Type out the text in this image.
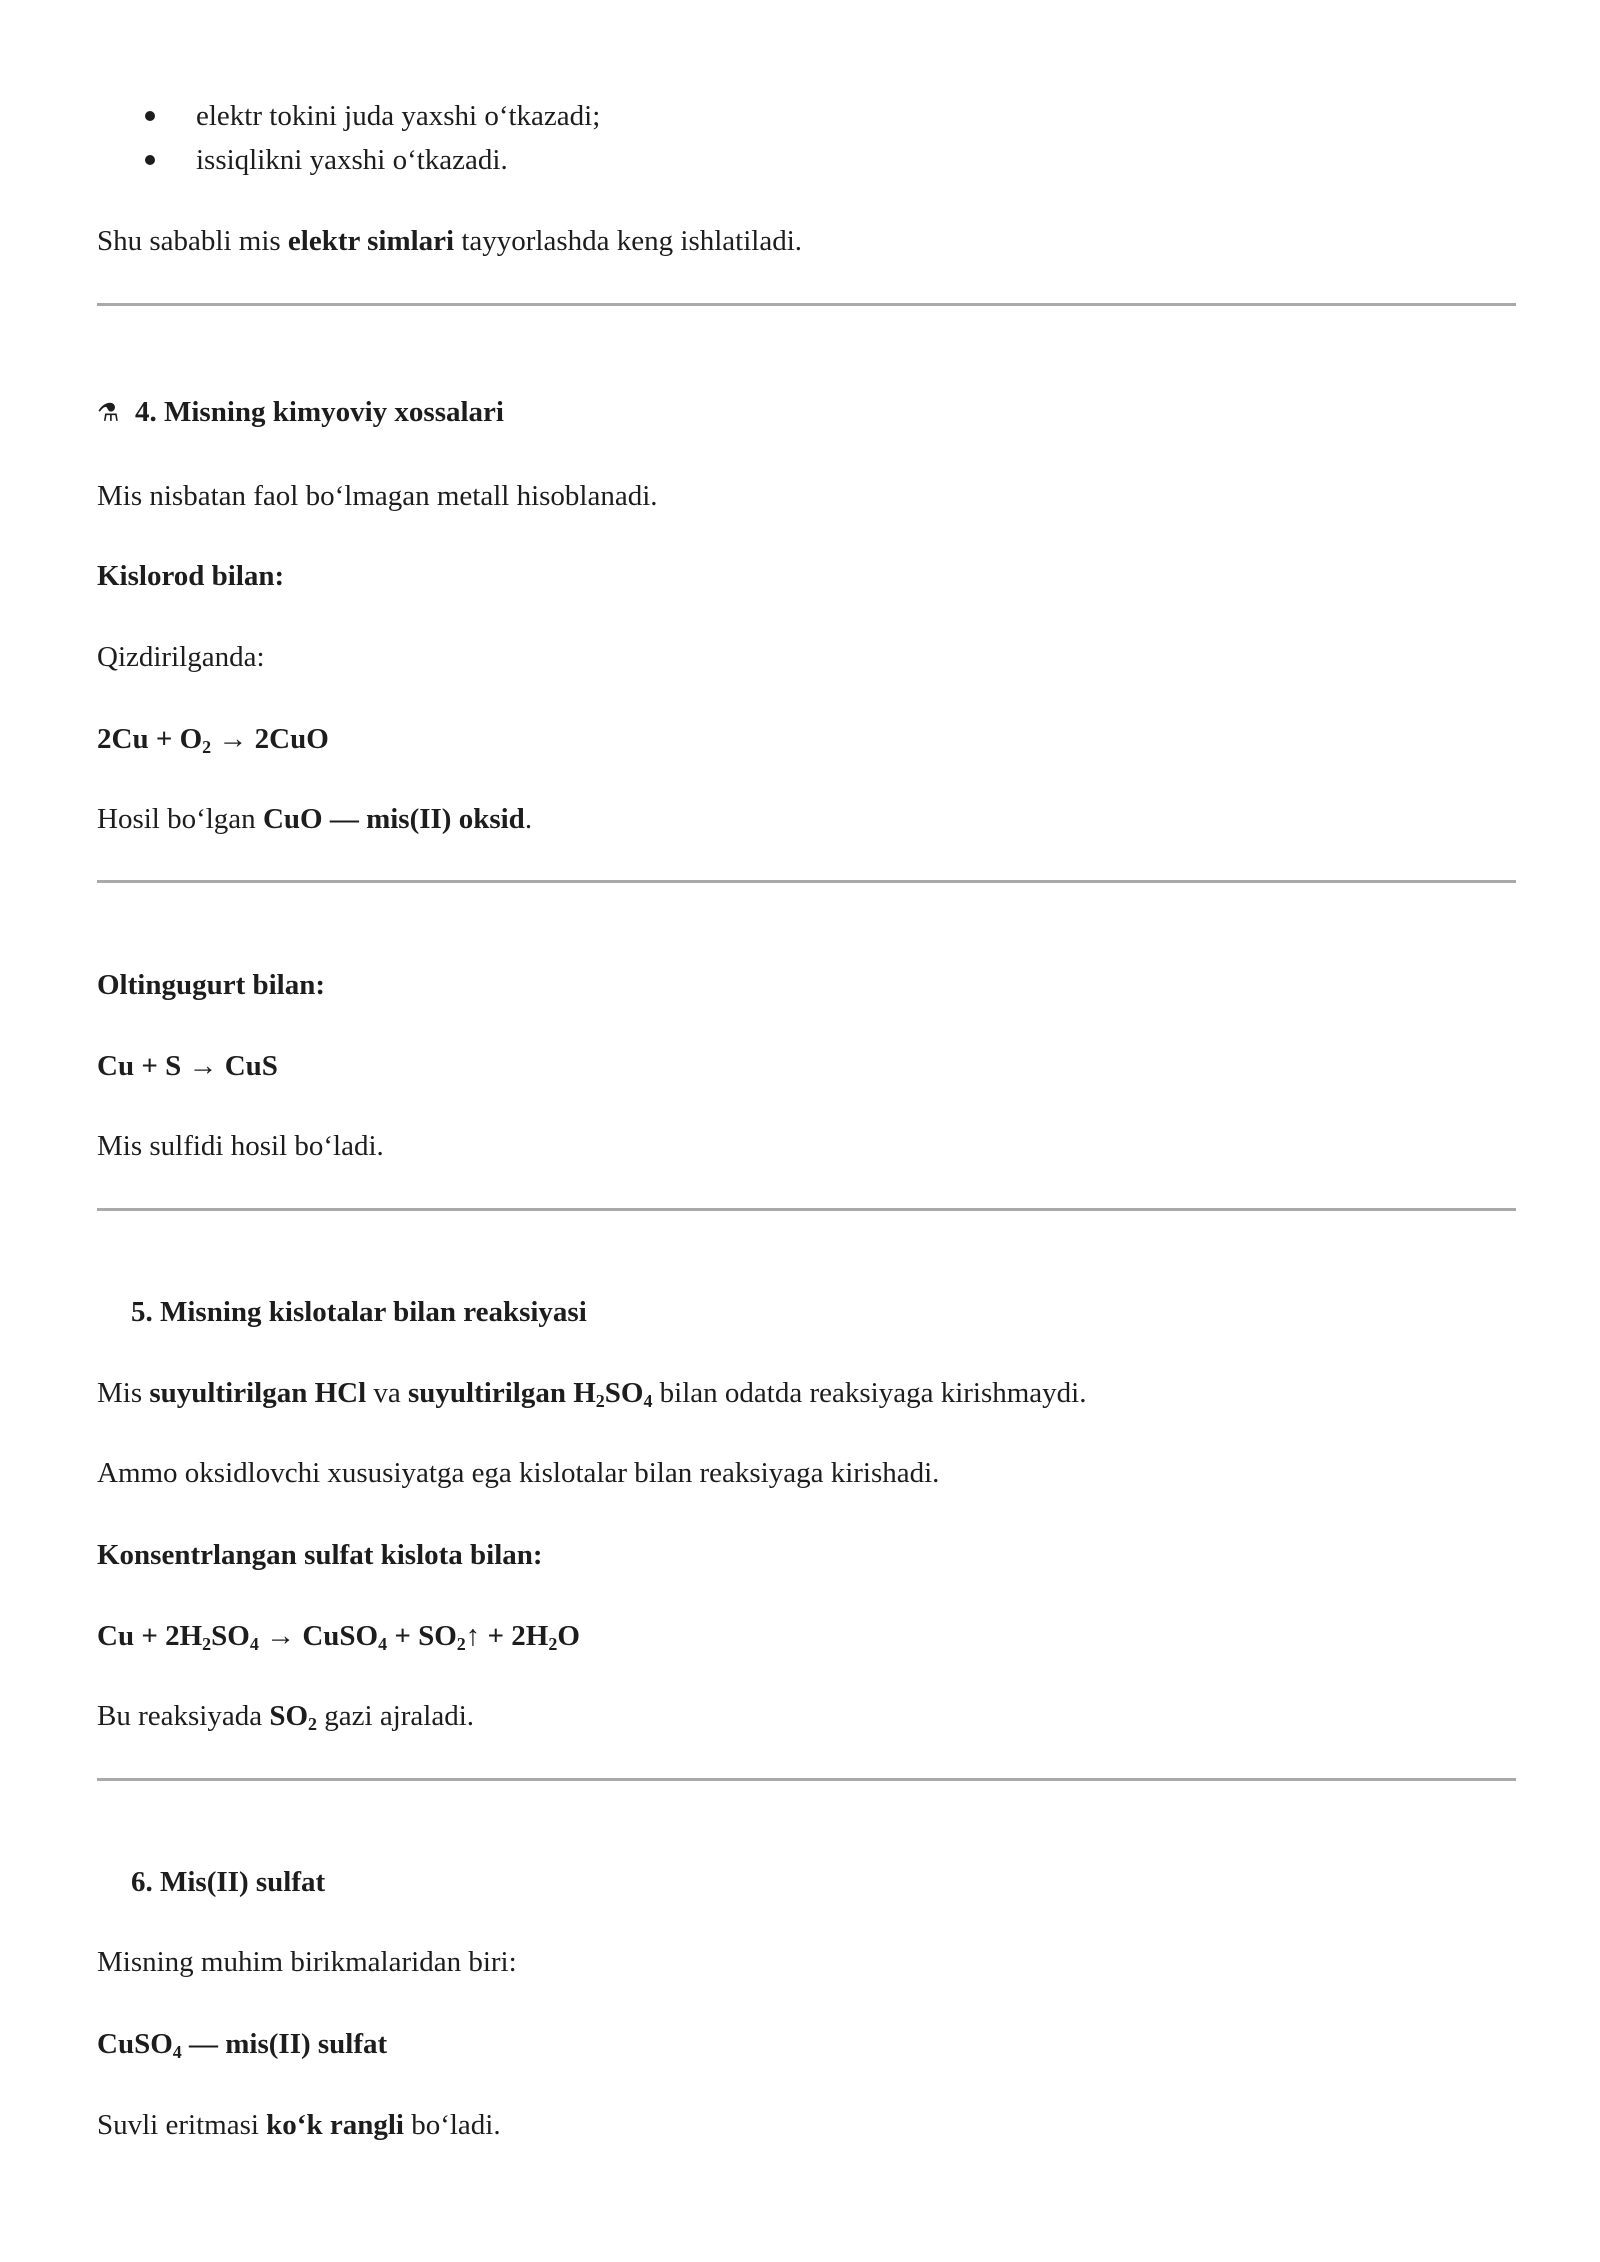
elektr tokini juda yaxshi o‘tkazadi;
issiqlikni yaxshi o‘tkazadi.
Shu sababli mis elektr simlari tayyorlashda keng ishlatiladi.
⚗ 4. Misning kimyoviy xossalari
Mis nisbatan faol bo‘lmagan metall hisoblanadi.
Kislorod bilan:
Qizdirilganda:
$2Cu + O_2 \to 2CuO$
Hosil bo‘lgan CuO — mis(II) oksid.
Oltingugurt bilan:
Cu + S → CuS
Mis sulfidi hosil bo‘ladi.
5. Misning kislotalar bilan reaksiyasi
Mis suyultirilgan HCl va suyultirilgan $H_2SO_4$ bilan odatda reaksiyaga kirishmaydi.
Ammo oksidlovchi xususiyatga ega kislotalar bilan reaksiyaga kirishadi.
Konsentrlangan sulfat kislota bilan:
$Cu + 2H_2SO_4$ → CuSO$_4$ + $SO_2↑ + 2H_2O$
Bu reaksiyada $SO_2$ gazi ajraladi.
6. Mis(II) sulfat
Misning muhim birikmalaridan biri:
CuSO$_4$ — mis(II) sulfat
Suvli eritmasi ko‘k rangli bo‘ladi.
